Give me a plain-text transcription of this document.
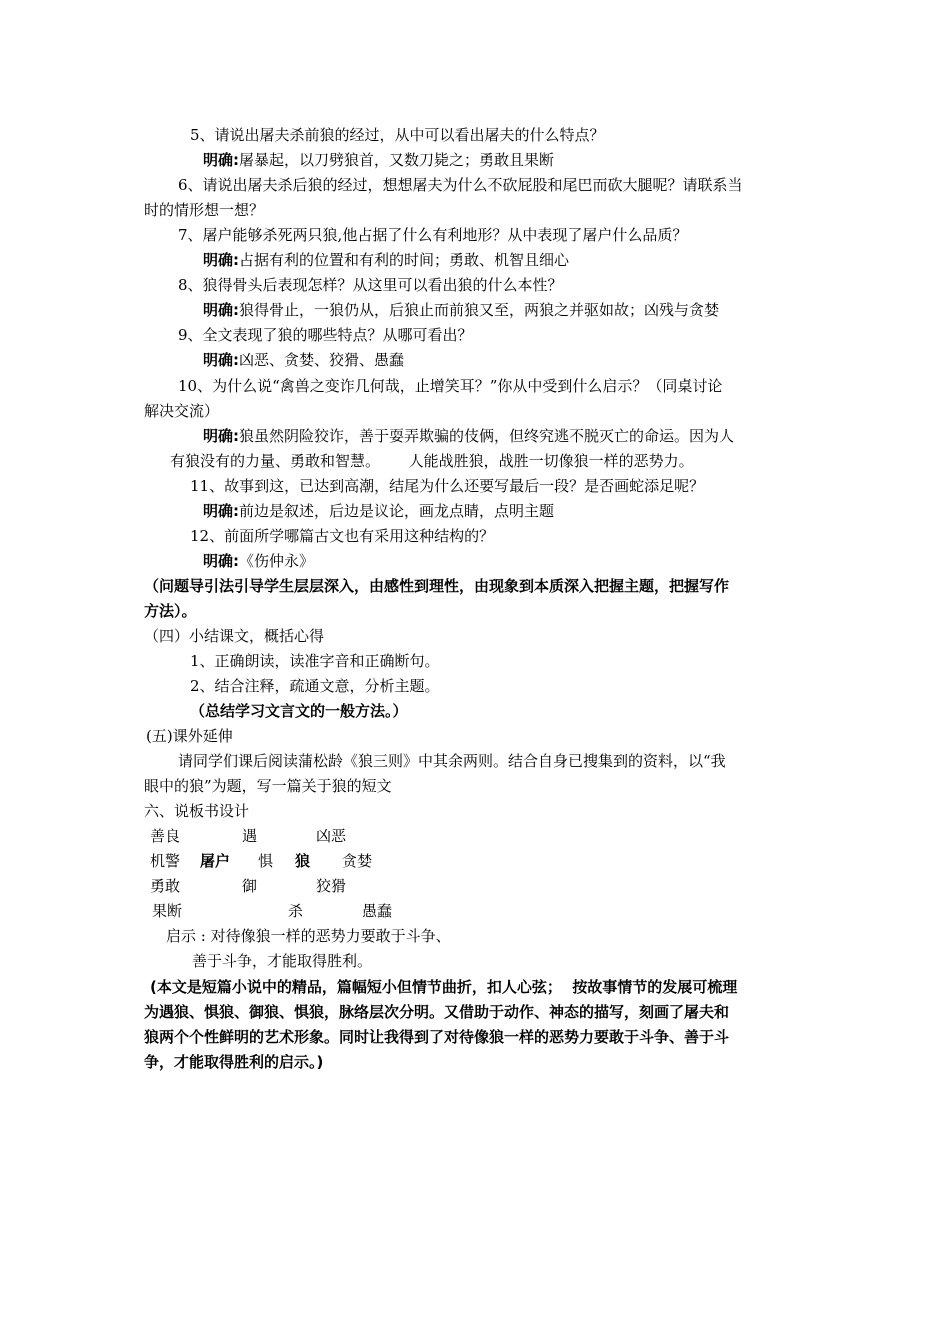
5、请说出屠夫杀前狼的经过，从中可以看出屠夫的什么特点？
明确:屠暴起，以刀劈狼首，又数刀毙之；勇敢且果断
6、请说出屠夫杀后狼的经过，想想屠夫为什么不砍屁股和尾巴而砍大腿呢？请联系当
时的情形想一想？
7、屠户能够杀死两只狼,他占据了什么有利地形？从中表现了屠户什么品质？
明确:占据有利的位置和有利的时间；勇敢、机智且细心
8、狼得骨头后表现怎样？从这里可以看出狼的什么本性？
明确:狼得骨止，一狼仍从，后狼止而前狼又至，两狼之并驱如故；凶残与贪婪
9、全文表现了狼的哪些特点？从哪可看出？
明确:凶恶、贪婪、狡猾、愚蠢
10、为什么说“禽兽之变诈几何哉，止增笑耳？”你从中受到什么启示？（同桌讨论
解决交流）
明确:狼虽然阴险狡诈，善于耍弄欺骗的伎俩，但终究逃不脱灭亡的命运。因为人
有狼没有的力量、勇敢和智慧。      人能战胜狼，战胜一切像狼一样的恶势力。
11、故事到这，已达到高潮，结尾为什么还要写最后一段？是否画蛇添足呢？
明确:前边是叙述，后边是议论，画龙点睛，点明主题
12、前面所学哪篇古文也有采用这种结构的？
明确:《伤仲永》
（问题导引法引导学生层层深入，由感性到理性，由现象到本质深入把握主题，把握写作
方法）。
（四）小结课文，概括心得
1、正确朗读，读准字音和正确断句。
2、结合注释，疏通文意，分析主题。
（总结学习文言文的一般方法。）
(五)课外延伸
请同学们课后阅读蒲松龄《狼三则》中其余两则。结合自身已搜集到的资料，以“我
眼中的狼”为题，写一篇关于狼的短文
六、说板书设计
善良	遇	凶恶
机警 屠户 惧 狼 贪婪
勇敢	御	狡猾
果断	杀	愚蠢
启示 : 对待像狼一样的恶势力要敢于斗争、
善于斗争，才能取得胜利。
(本文是短篇小说中的精品，篇幅短小但情节曲折，扣人心弦；  按故事情节的发展可梳理
为遇狼、惧狼、御狼、惧狼，脉络层次分明。又借助于动作、神态的描写，刻画了屠夫和
狼两个个性鲜明的艺术形象。同时让我得到了对待像狼一样的恶势力要敢于斗争、善于斗
争，才能取得胜利的启示。)
